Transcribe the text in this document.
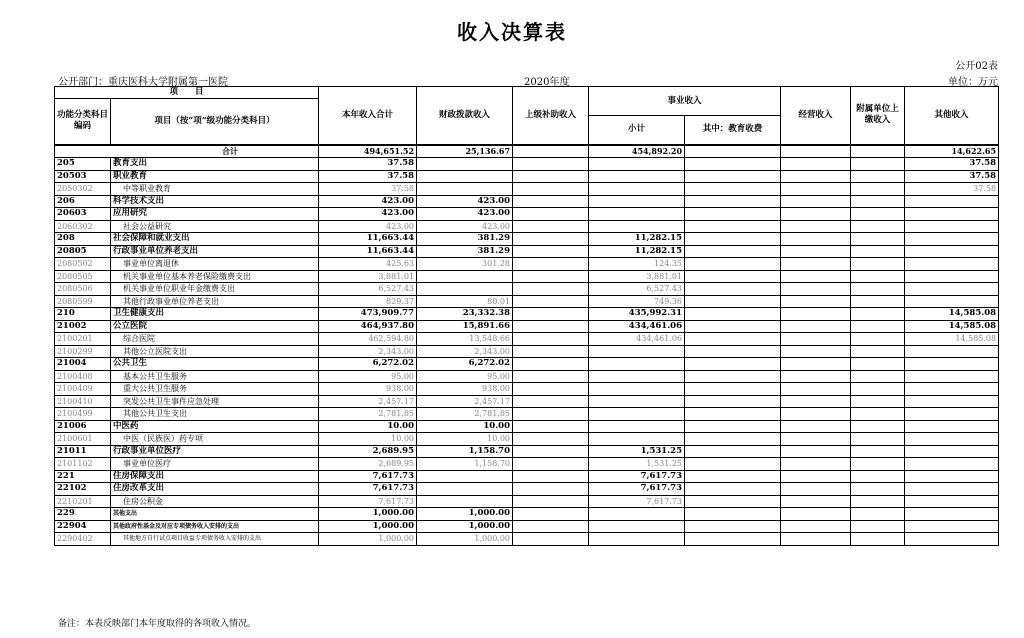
收入决算表
公开02表
公开部门：重庆医科大学附属第一医院	2020年度	单位：万元
项　　目		本年收入合计	财政拨款收入	上级补助收入	事业收入		经营收入	附属单位上缴收入	其他收入
功能分类科目编码	项目（按“项”级功能分类科目）								
					小计	其中：教育收费			
合计		494,651.52	25,136.67		454,892.20				14,622.65
205	教育支出	37.58							37.58
20503	职业教育	37.58							37.58
2050302	中等职业教育	37.58							37.58
206	科学技术支出	423.00	423.00						
20603	应用研究	423.00	423.00						
2060302	社会公益研究	423.00	423.00						
208	社会保障和就业支出	11,663.44	381.29		11,282.15				
20805	行政事业单位养老支出	11,663.44	381.29		11,282.15				
2080502	事业单位离退休	425.63	301.28		124.35				
2080505	机关事业单位基本养老保险缴费支出	3,881.01			3,881.01				
2080506	机关事业单位职业年金缴费支出	6,527.43			6,527.43				
2080599	其他行政事业单位养老支出	829.37	80.01		749.36				
210	卫生健康支出	473,909.77	23,332.38		435,992.31				14,585.08
21002	公立医院	464,937.80	15,891.66		434,461.06				14,585.08
2100201	综合医院	462,594.80	13,548.66		434,461.06				14,585.08
2100299	其他公立医院支出	2,343.00	2,343.00						
21004	公共卫生	6,272.02	6,272.02						
2100408	基本公共卫生服务	95.00	95.00						
2100409	重大公共卫生服务	938.00	938.00						
2100410	突发公共卫生事件应急处理	2,457.17	2,457.17						
2100499	其他公共卫生支出	2,781.85	2,781.85						
21006	中医药	10.00	10.00						
2100601	中医（民族医）药专项	10.00	10.00						
21011	行政事业单位医疗	2,689.95	1,158.70		1,531.25				
2101102	事业单位医疗	2,689.95	1,158.70		1,531.25				
221	住房保障支出	7,617.73			7,617.73				
22102	住房改革支出	7,617.73			7,617.73				
2210201	住房公积金	7,617.73			7,617.73				
229	其他支出	1,000.00	1,000.00						
22904	其他政府性基金及对应专项债务收入安排的支出	1,000.00	1,000.00						
2290402	其他地方自行试点项目收益专项债务收入安排的支出	1,000.00	1,000.00						
备注：本表反映部门本年度取得的各项收入情况。
